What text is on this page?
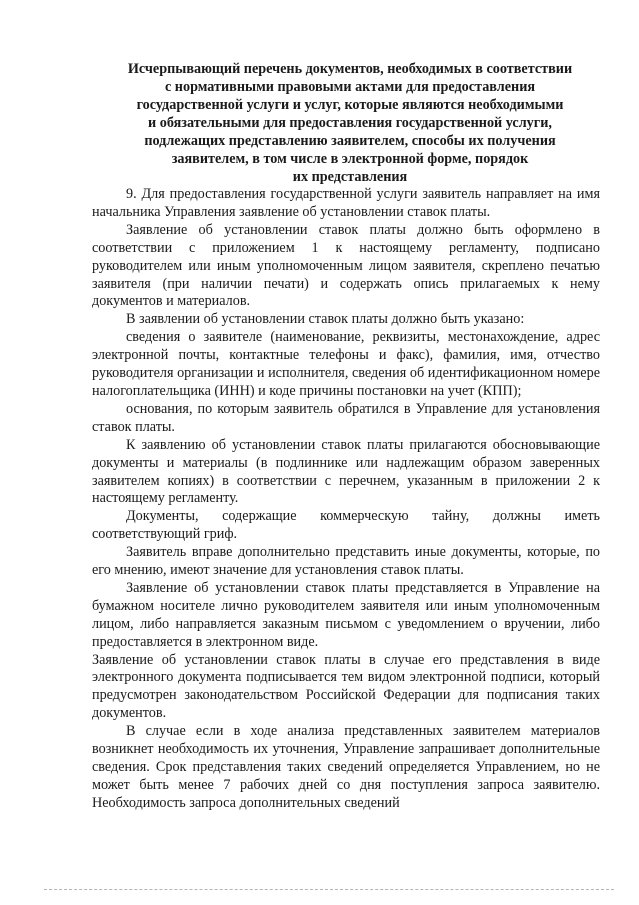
Исчерпывающий перечень документов, необходимых в соответствии
с нормативными правовыми актами для предоставления
государственной услуги и услуг, которые являются необходимыми
и обязательными для предоставления государственной услуги,
подлежащих представлению заявителем, способы их получения
заявителем, в том числе в электронной форме, порядок
их представления

9. Для предоставления государственной услуги заявитель направляет на имя начальника Управления заявление об установлении ставок платы.

Заявление об установлении ставок платы должно быть оформлено в соответствии с приложением 1 к настоящему регламенту, подписано руководителем или иным уполномоченным лицом заявителя, скреплено печатью заявителя (при наличии печати) и содержать опись прилагаемых к нему документов и материалов.

В заявлении об установлении ставок платы должно быть указано:

сведения о заявителе (наименование, реквизиты, местонахождение, адрес электронной почты, контактные телефоны и факс), фамилия, имя, отчество руководителя организации и исполнителя, сведения об идентификационном номере налогоплательщика (ИНН) и коде причины постановки на учет (КПП);

основания, по которым заявитель обратился в Управление для установления ставок платы.

К заявлению об установлении ставок платы прилагаются обосновывающие документы и материалы (в подлиннике или надлежащим образом заверенных заявителем копиях) в соответствии с перечнем, указанным в приложении 2 к настоящему регламенту.

Документы, содержащие коммерческую тайну, должны иметь соответствующий гриф.

Заявитель вправе дополнительно представить иные документы, которые, по его мнению, имеют значение для установления ставок платы.

Заявление об установлении ставок платы представляется в Управление на бумажном носителе лично руководителем заявителя или иным уполномоченным лицом, либо направляется заказным письмом с уведомлением о вручении, либо предоставляется в электронном виде.

Заявление об установлении ставок платы в случае его представления в виде электронного документа подписывается тем видом электронной подписи, который предусмотрен законодательством Российской Федерации для подписания таких документов.

В случае если в ходе анализа представленных заявителем материалов возникнет необходимость их уточнения, Управление запрашивает дополнительные сведения. Срок представления таких сведений определяется Управлением, но не может быть менее 7 рабочих дней со дня поступления запроса заявителю. Необходимость запроса дополнительных сведений
